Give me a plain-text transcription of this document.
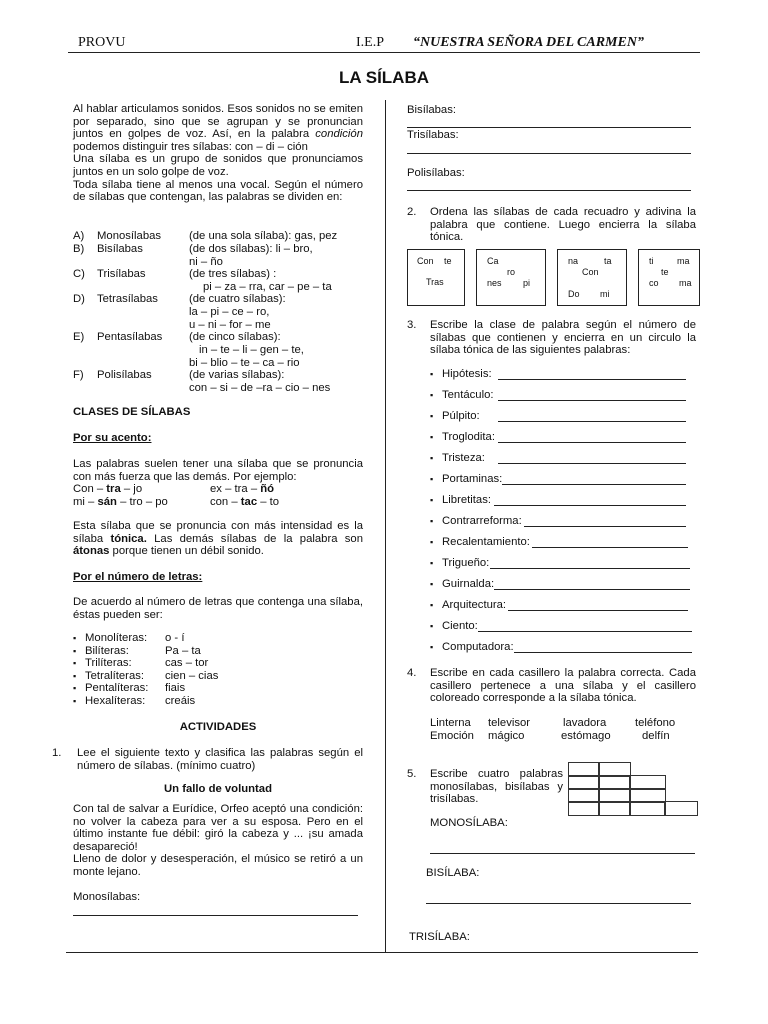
PROVU	I.E.P “NUESTRA SEÑORA DEL CARMEN”
LA SÍLABA
Al hablar articulamos sonidos. Esos sonidos no se emiten por separado, sino que se agrupan y se pronuncian juntos en golpes de voz. Así, en la palabra condición podemos distinguir tres sílabas: con – di – ción
Una sílaba es un grupo de sonidos que pronunciamos juntos en un solo golpe de voz.
Toda sílaba tiene al menos una vocal. Según el número de sílabas que contengan, las palabras se dividen en:
A) Monosílabas (de una sola sílaba): gas, pez
B) Bisílabas	(de dos sílabas): li – bro,
ni – ño
C) Trisílabas	(de tres sílabas) :
pi – za – rra, car – pe – ta
D) Tetrasílabas	(de cuatro sílabas):
la – pi – ce – ro,
u – ni – for – me
E) Pentasílabas (de cinco sílabas):
in – te – li – gen – te,
bi – blio – te – ca – rio
F) Polisílabas	(de varias sílabas):
con – si – de –ra – cio – nes
CLASES DE SÍLABAS
Por su acento:
Las palabras suelen tener una sílaba que se pronuncia con más fuerza que las demás. Por ejemplo:
Con – tra – jo	ex – tra – ñó
mi – sán – tro – po	con – tac – to
Esta sílaba que se pronuncia con más intensidad es la sílaba tónica. Las demás sílabas de la palabra son átonas porque tienen un débil sonido.
Por el número de letras:
De acuerdo al número de letras que contenga una sílaba, éstas pueden ser:
▪ Monolíteras: o - í
▪ Bilíteras:	Pa – ta
▪ Trilíteras:	cas – tor
▪ Tetralíteras: cien – cias
▪ Pentalíteras: fiais
▪ Hexalíteras: creáis
ACTIVIDADES
1. Lee el siguiente texto y clasifica las palabras según el número de sílabas. (mínimo cuatro)
Un fallo de voluntad
Con tal de salvar a Eurídice, Orfeo aceptó una condición: no volver la cabeza para ver a su esposa. Pero en el último instante fue débil: giró la cabeza y ... ¡su amada desapareció!
Lleno de dolor y desesperación, el músico se retiró a un monte lejano.
Monosílabas:
Bisílabas:
Trisílabas:
Polisílabas:
2. Ordena las sílabas de cada recuadro y adivina la palabra que contiene. Luego encierra la sílaba tónica.
Con te
Tras
Ca
ro
nes pi
na	ta
Con
Do mi
ti	ma
te
co ma
3. Escribe la clase de palabra según el número de sílabas que contienen y encierra en un circulo la sílaba tónica de las siguientes palabras:
▪ Hipótesis:
▪ Tentáculo:
▪ Púlpito:
▪ Troglodita:
▪ Tristeza:
▪ Portaminas:
▪ Libretitas:
▪ Contrarreforma:
▪ Recalentamiento:
▪ Trigueño:
▪ Guirnalda:
▪ Arquitectura:
▪ Ciento:
▪ Computadora:
4. Escribe en cada casillero la palabra correcta. Cada casillero pertenece a una sílaba y el casillero coloreado corresponde a la sílaba tónica.
Linterna televisor	lavadora	teléfono
Emoción mágico	estómago	delfín
5. Escribe cuatro palabras monosílabas, bisílabas y trisílabas.
MONOSÍLABA:
BISÍLABA:
TRISÍLABA:
